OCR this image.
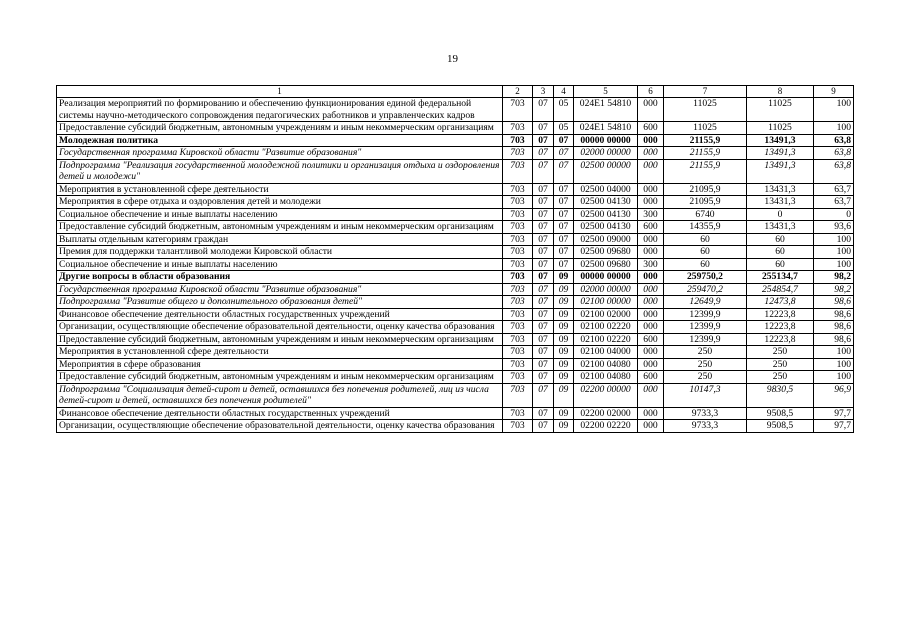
19
1	2	3	4	5	6	7	8	9
Реализация мероприятий по формированию и обеспечению функционирования единой федеральной системы научно-методического сопровождения педагогических работников и управленческих кадров	703	07	05	024Е1 54810	000	11025	11025	100
Предоставление субсидий бюджетным, автономным учреждениям и иным некоммерческим организациям	703	07	05	024Е1 54810	600	11025	11025	100
Молодежная политика	703	07	07	00000 00000	000	21155,9	13491,3	63,8
Государственная программа Кировской области "Развитие образования"	703	07	07	02000 00000	000	21155,9	13491,3	63,8
Подпрограмма "Реализация государственной молодежной политики и организация отдыха и оздоровления детей и молодежи"	703	07	07	02500 00000	000	21155,9	13491,3	63,8
Мероприятия в установленной сфере деятельности	703	07	07	02500 04000	000	21095,9	13431,3	63,7
Мероприятия в сфере отдыха и оздоровления детей и молодежи	703	07	07	02500 04130	000	21095,9	13431,3	63,7
Социальное обеспечение и иные выплаты населению	703	07	07	02500 04130	300	6740	0	0
Предоставление субсидий бюджетным, автономным учреждениям и иным некоммерческим организациям	703	07	07	02500 04130	600	14355,9	13431,3	93,6
Выплаты отдельным категориям граждан	703	07	07	02500 09000	000	60	60	100
Премия для поддержки талантливой молодежи Кировской области	703	07	07	02500 09680	000	60	60	100
Социальное обеспечение и иные выплаты населению	703	07	07	02500 09680	300	60	60	100
Другие вопросы в области образования	703	07	09	00000 00000	000	259750,2	255134,7	98,2
Государственная программа Кировской области "Развитие образования"	703	07	09	02000 00000	000	259470,2	254854,7	98,2
Подпрограмма "Развитие общего и дополнительного образования детей"	703	07	09	02100 00000	000	12649,9	12473,8	98,6
Финансовое обеспечение деятельности областных государственных учреждений	703	07	09	02100 02000	000	12399,9	12223,8	98,6
Организации, осуществляющие обеспечение образовательной деятельности, оценку качества образования	703	07	09	02100 02220	000	12399,9	12223,8	98,6
Предоставление субсидий бюджетным, автономным учреждениям и иным некоммерческим организациям	703	07	09	02100 02220	600	12399,9	12223,8	98,6
Мероприятия в установленной сфере деятельности	703	07	09	02100 04000	000	250	250	100
Мероприятия в сфере образования	703	07	09	02100 04080	000	250	250	100
Предоставление субсидий бюджетным, автономным учреждениям и иным некоммерческим организациям	703	07	09	02100 04080	600	250	250	100
Подпрограмма "Социализация детей-сирот и детей, оставшихся без попечения родителей, лиц из числа детей-сирот и детей, оставшихся без попечения родителей"	703	07	09	02200 00000	000	10147,3	9830,5	96,9
Финансовое обеспечение деятельности областных государственных учреждений	703	07	09	02200 02000	000	9733,3	9508,5	97,7
Организации, осуществляющие обеспечение образовательной деятельности, оценку качества образования	703	07	09	02200 02220	000	9733,3	9508,5	97,7
